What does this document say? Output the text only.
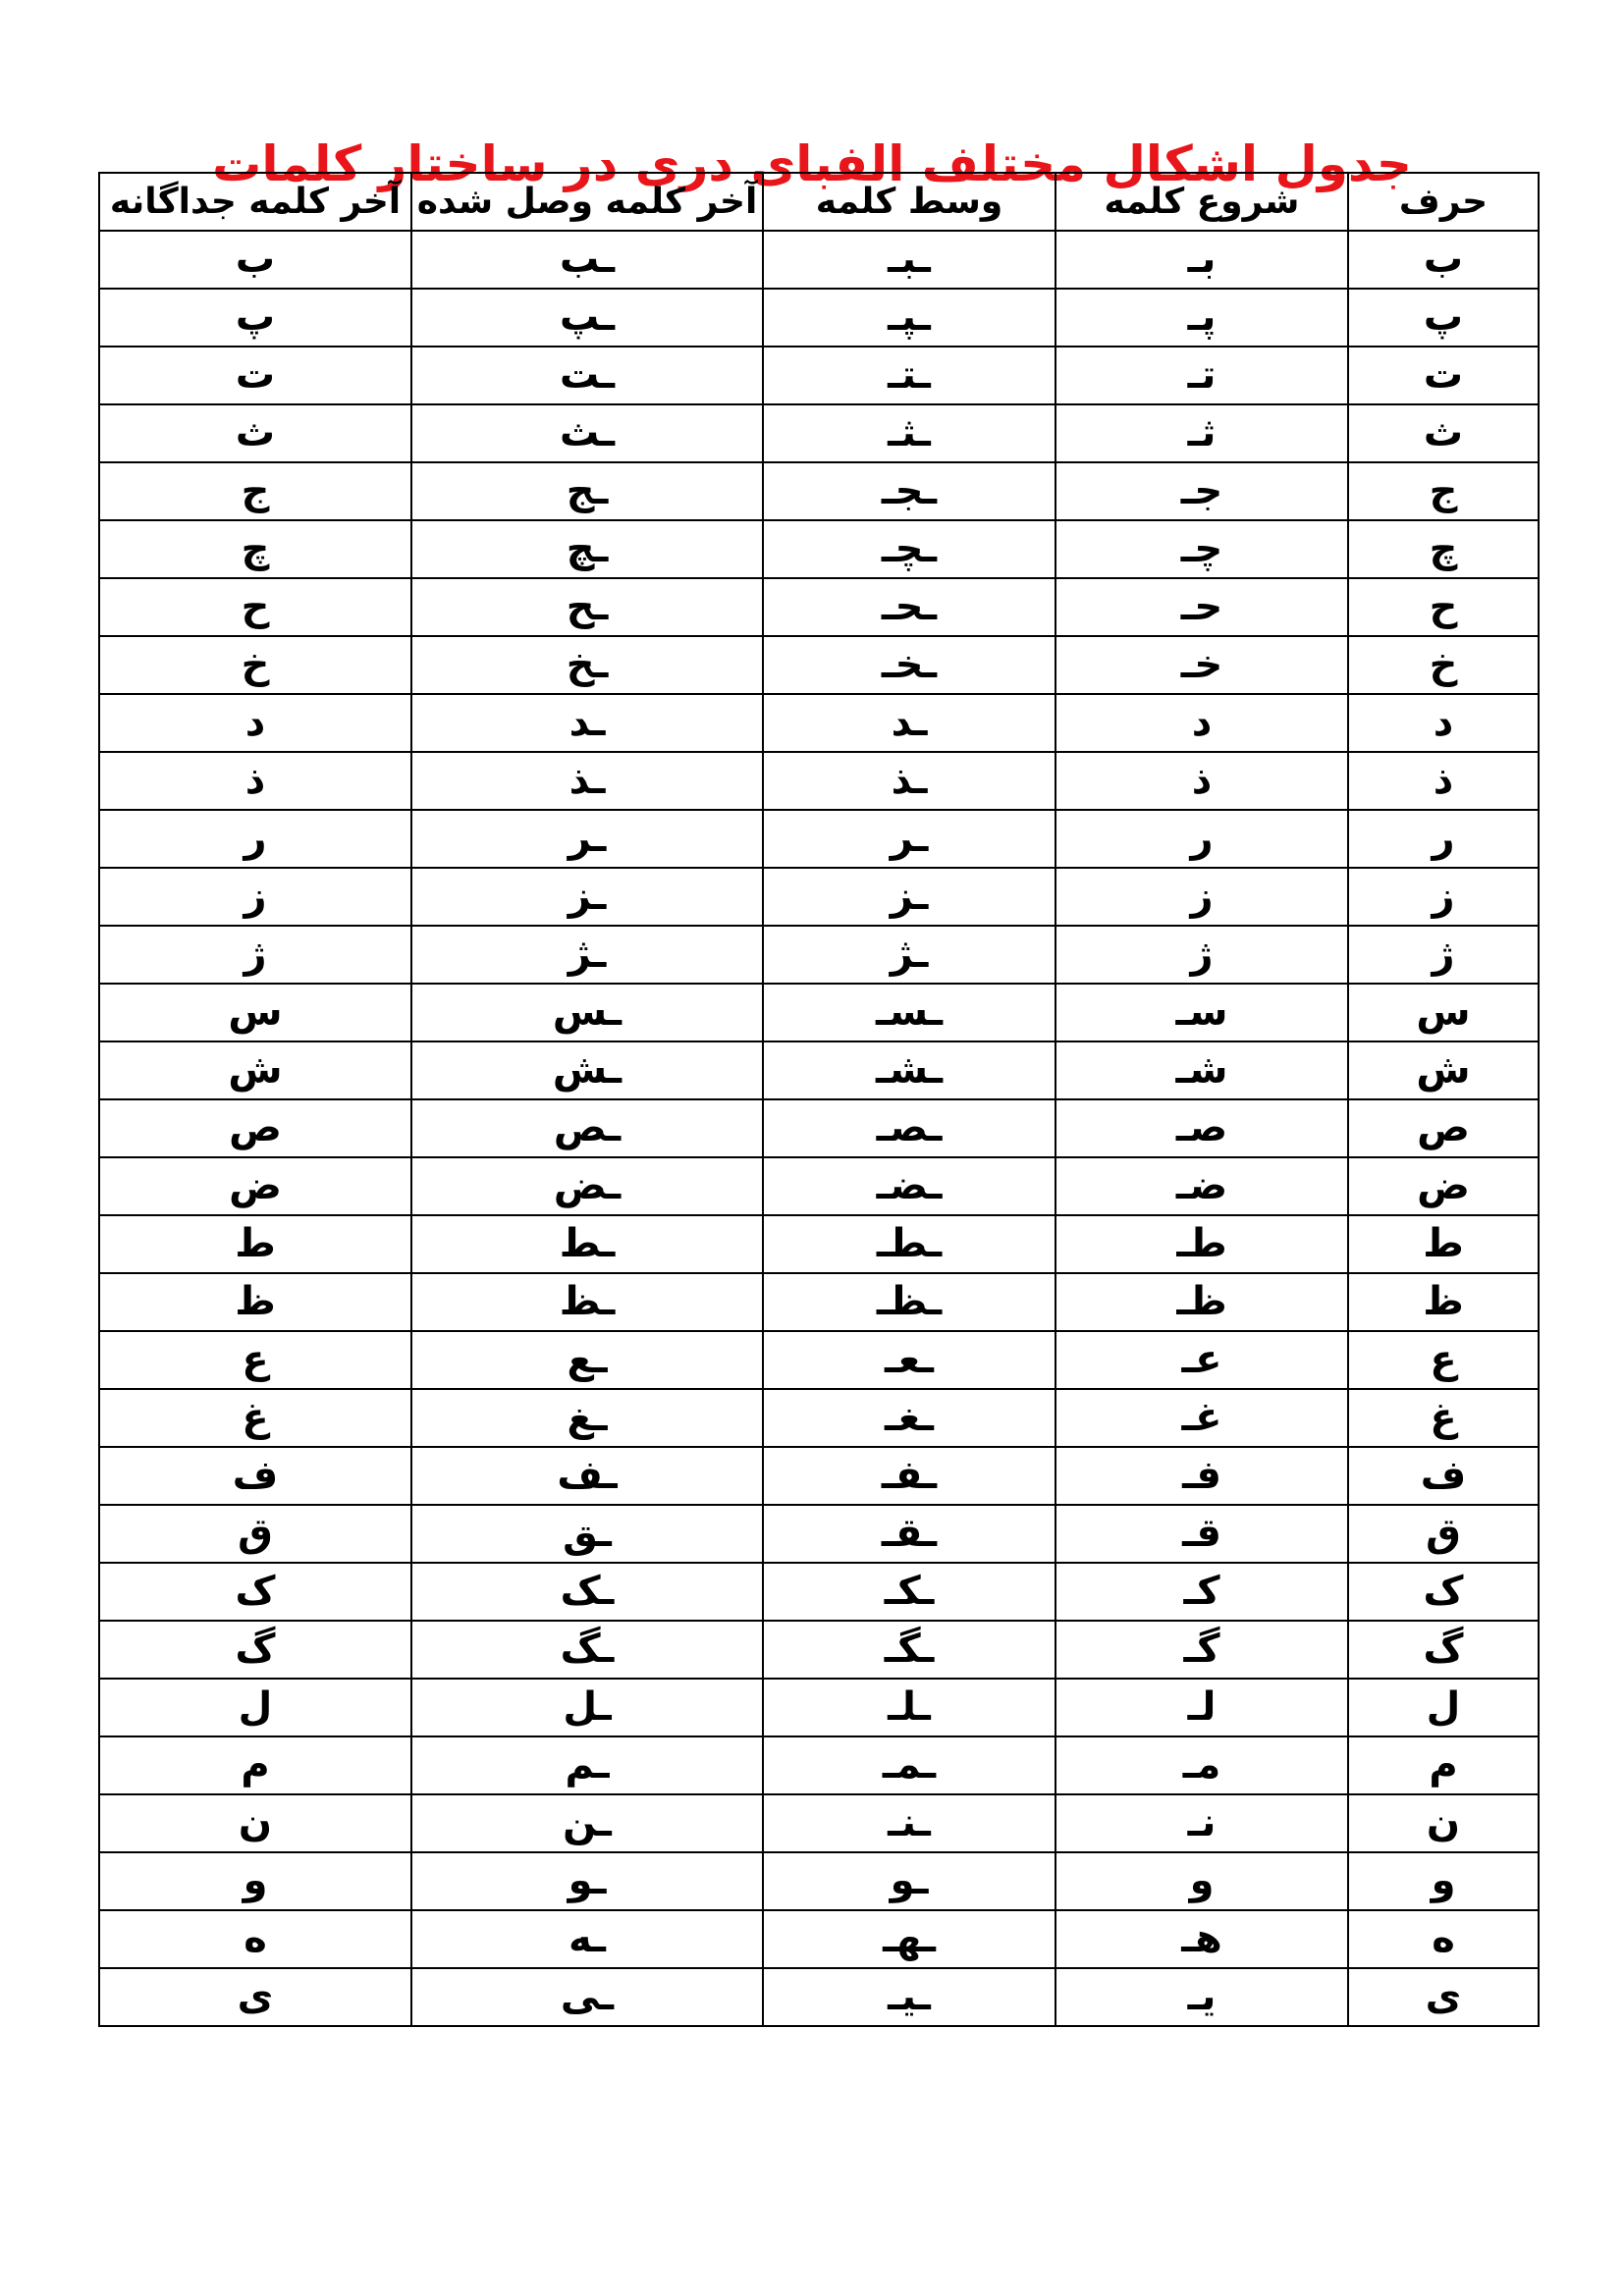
جدول اشکال مختلف الفبای دری در ساختار کلمات
حرف	شروع کلمه	وسط کلمه	آخر کلمه وصل شده	آخر کلمه جداگانه
ب	بـ	ـبـ	ـب	ب
پ	پـ	ـپـ	ـپ	پ
ت	تـ	ـتـ	ـت	ت
ث	ثـ	ـثـ	ـث	ث
ج	جـ	ـجـ	ـج	ج
چ	چـ	ـچـ	ـچ	چ
ح	حـ	ـحـ	ـح	ح
خ	خـ	ـخـ	ـخ	خ
د	د	ـد	ـد	د
ذ	ذ	ـذ	ـذ	ذ
ر	ر	ـر	ـر	ر
ز	ز	ـز	ـز	ز
ژ	ژ	ـژ	ـژ	ژ
س	سـ	ـسـ	ـس	س
ش	شـ	ـشـ	ـش	ش
ص	صـ	ـصـ	ـص	ص
ض	ضـ	ـضـ	ـض	ض
ط	طـ	ـطـ	ـط	ط
ظ	ظـ	ـظـ	ـظ	ظ
ع	عـ	ـعـ	ـع	ع
غ	غـ	ـغـ	ـغ	غ
ف	فـ	ـفـ	ـف	ف
ق	قـ	ـقـ	ـق	ق
ک	کـ	ـکـ	ـک	ک
گ	گـ	ـگـ	ـگ	گ
ل	لـ	ـلـ	ـل	ل
م	مـ	ـمـ	ـم	م
ن	نـ	ـنـ	ـن	ن
و	و	ـو	ـو	و
ه	هـ	ـهـ	ـه	ه
ی	یـ	ـیـ	ـی	ی
